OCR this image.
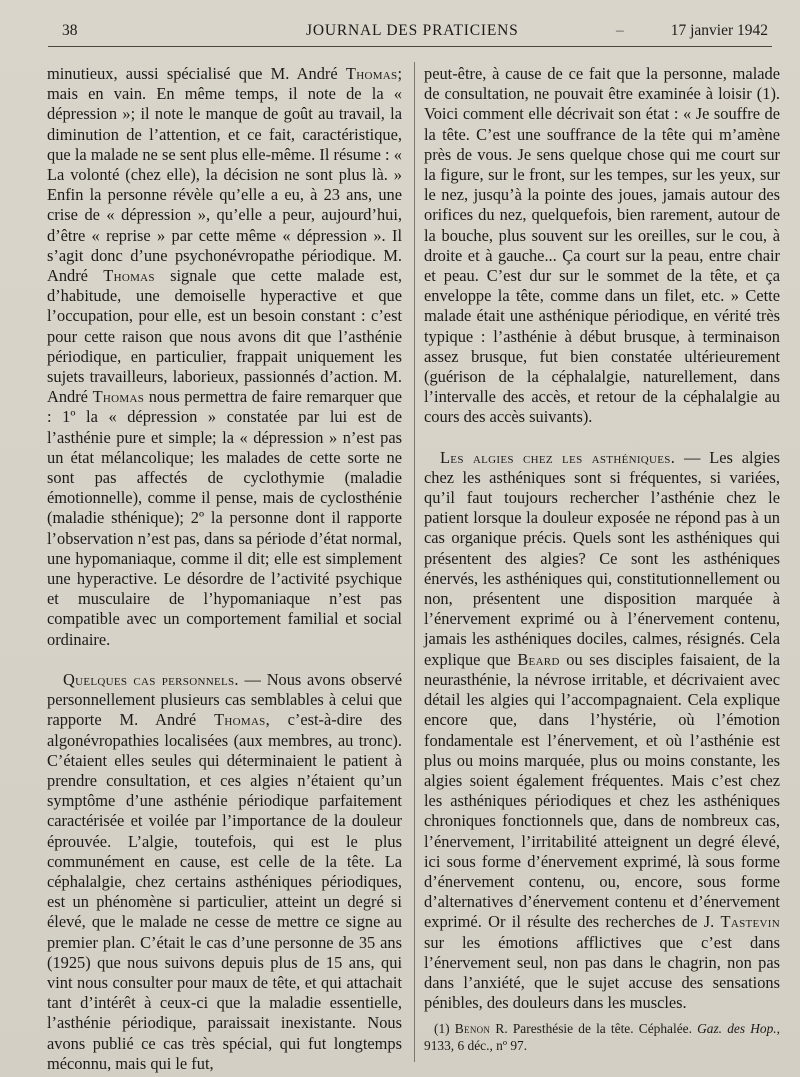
38	JOURNAL DES PRATICIENS	–	17 janvier 1942

minutieux, aussi spécialisé que M. André Thomas; mais en vain. En même temps, il note de la « dépression »; il note le manque de goût au travail, la diminution de l’attention, et ce fait, caractéristique, que la malade ne se sent plus elle-même. Il résume : « La volonté (chez elle), la décision ne sont plus là. » Enfin la personne révèle qu’elle a eu, à 23 ans, une crise de « dépression », qu’elle a peur, aujourd’hui, d’être « reprise » par cette même « dépression ». Il s’agit donc d’une psychonévropathe périodique. M. André Thomas signale que cette malade est, d’habitude, une demoiselle hyperactive et que l’occupation, pour elle, est un besoin constant : c’est pour cette raison que nous avons dit que l’asthénie périodique, en particulier, frappait uniquement les sujets travailleurs, laborieux, passionnés d’action. M. André Thomas nous permettra de faire remarquer que : 1º la « dépression » constatée par lui est de l’asthénie pure et simple; la « dépression » n’est pas un état mélancolique; les malades de cette sorte ne sont pas affectés de cyclothymie (maladie émotionnelle), comme il pense, mais de cyclosthénie (maladie sthénique); 2º la personne dont il rapporte l’observation n’est pas, dans sa période d’état normal, une hypomaniaque, comme il dit; elle est simplement une hyperactive. Le désordre de l’activité psychique et musculaire de l’hypomaniaque n’est pas compatible avec un comportement familial et social ordinaire.

Quelques cas personnels. — Nous avons observé personnellement plusieurs cas semblables à celui que rapporte M. André Thomas, c’est-à-dire des algonévropathies localisées (aux membres, au tronc). C’étaient elles seules qui déterminaient le patient à prendre consultation, et ces algies n’étaient qu’un symptôme d’une asthénie périodique parfaitement caractérisée et voilée par l’importance de la douleur éprouvée. L’algie, toutefois, qui est le plus communément en cause, est celle de la tête. La céphalalgie, chez certains asthéniques périodiques, est un phénomène si particulier, atteint un degré si élevé, que le malade ne cesse de mettre ce signe au premier plan. C’était le cas d’une personne de 35 ans (1925) que nous suivons depuis plus de 15 ans, qui vint nous consulter pour maux de tête, et qui attachait tant d’intérêt à ceux-ci que la maladie essentielle, l’asthénie périodique, paraissait inexistante. Nous avons publié ce cas très spécial, qui fut longtemps méconnu, mais qui le fut,

peut-être, à cause de ce fait que la personne, malade de consultation, ne pouvait être examinée à loisir (1). Voici comment elle décrivait son état : « Je souffre de la tête. C’est une souffrance de la tête qui m’amène près de vous. Je sens quelque chose qui me court sur la figure, sur le front, sur les tempes, sur les yeux, sur le nez, jusqu’à la pointe des joues, jamais autour des orifices du nez, quelquefois, bien rarement, autour de la bouche, plus souvent sur les oreilles, sur le cou, à droite et à gauche... Ça court sur la peau, entre chair et peau. C’est dur sur le sommet de la tête, et ça enveloppe la tête, comme dans un filet, etc. » Cette malade était une asthénique périodique, en vérité très typique : l’asthénie à début brusque, à terminaison assez brusque, fut bien constatée ultérieurement (guérison de la céphalalgie, naturellement, dans l’intervalle des accès, et retour de la céphalalgie au cours des accès suivants).

Les algies chez les asthéniques. — Les algies chez les asthéniques sont si fréquentes, si variées, qu’il faut toujours rechercher l’asthénie chez le patient lorsque la douleur exposée ne répond pas à un cas organique précis. Quels sont les asthéniques qui présentent des algies? Ce sont les asthéniques énervés, les asthéniques qui, constitutionnellement ou non, présentent une disposition marquée à l’énervement exprimé ou à l’énervement contenu, jamais les asthéniques dociles, calmes, résignés. Cela explique que Beard ou ses disciples faisaient, de la neurasthénie, la névrose irritable, et décrivaient avec détail les algies qui l’accompagnaient. Cela explique encore que, dans l’hystérie, où l’émotion fondamentale est l’énervement, et où l’asthénie est plus ou moins marquée, plus ou moins constante, les algies soient également fréquentes. Mais c’est chez les asthéniques périodiques et chez les asthéniques chroniques fonctionnels que, dans de nombreux cas, l’énervement, l’irritabilité atteignent un degré élevé, ici sous forme d’énervement exprimé, là sous forme d’énervement contenu, ou, encore, sous forme d’alternatives d’énervement contenu et d’énervement exprimé. Or il résulte des recherches de J. Tastevin sur les émotions afflictives que c’est dans l’énervement seul, non pas dans le chagrin, non pas dans l’anxiété, que le sujet accuse des sensations pénibles, des douleurs dans les muscles.

(1) Benon R. Paresthésie de la tête. Céphalée. Gaz. des Hop., 9133, 6 déc., nº 97.
